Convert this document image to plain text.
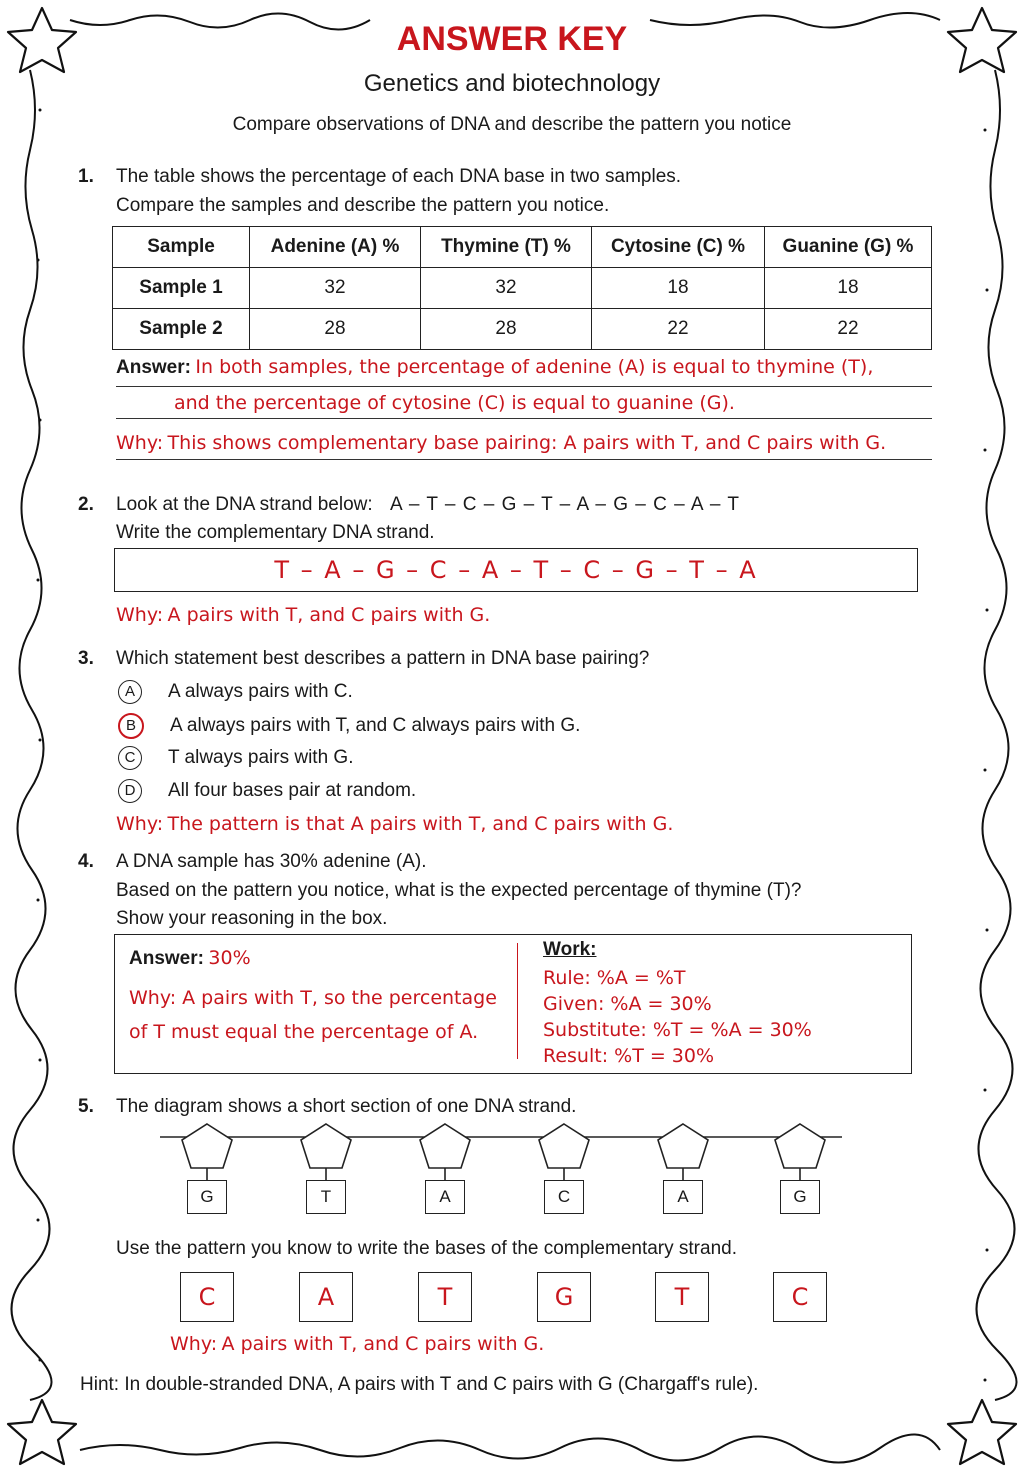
ANSWER KEY
Genetics and biotechnology
Compare observations of DNA and describe the pattern you notice
1. The table shows the percentage of each DNA base in two samples.
Compare the samples and describe the pattern you notice.
Sample	Adenine (A) %	Thymine (T) %	Cytosine (C) %	Guanine (G) %
Sample 1	32	32	18	18
Sample 2	28	28	22	22
Answer: In both samples, the percentage of adenine (A) is equal to thymine (T),
and the percentage of cytosine (C) is equal to guanine (G).
Why: This shows complementary base pairing: A pairs with T, and C pairs with G.
2. Look at the DNA strand below: A – T – C – G – T – A – G – C – A – T
Write the complementary DNA strand.
T – A – G – C – A – T – C – G – T – A
Why: A pairs with T, and C pairs with G.
3. Which statement best describes a pattern in DNA base pairing?
A A always pairs with C.
B A always pairs with T, and C always pairs with G.
C T always pairs with G.
D All four bases pair at random.
Why: The pattern is that A pairs with T, and C pairs with G.
4. A DNA sample has 30% adenine (A).
Based on the pattern you notice, what is the expected percentage of thymine (T)?
Show your reasoning in the box.
Answer: 30%
Why: A pairs with T, so the percentage
of T must equal the percentage of A.
Work:
Rule: %A = %T
Given: %A = 30%
Substitute: %T = %A = 30%
Result: %T = 30%
5. The diagram shows a short section of one DNA strand.
G	T	A	C	A	G
Use the pattern you know to write the bases of the complementary strand.
C	A	T	G	T	C
Why: A pairs with T, and C pairs with G.
Hint: In double-stranded DNA, A pairs with T and C pairs with G (Chargaff's rule).
